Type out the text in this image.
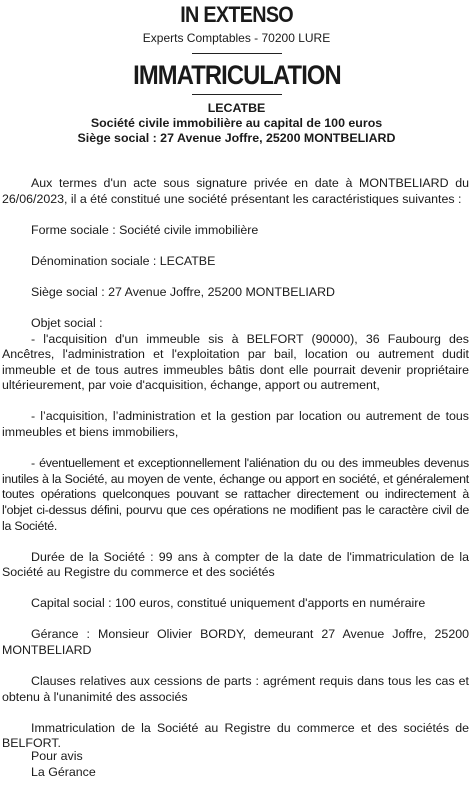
IN EXTENSO
Experts Comptables - 70200 LURE
IMMATRICULATION
LECATBE
Société civile immobilière au capital de 100 euros
Siège social : 27 Avenue Joffre, 25200 MONTBELIARD

Aux termes d'un acte sous signature privée en date à MONTBELIARD du 26/06/2023, il a été constitué une société présentant les caractéristiques suivantes :

Forme sociale : Société civile immobilière

Dénomination sociale : LECATBE

Siège social : 27 Avenue Joffre, 25200 MONTBELIARD

Objet social :

- l'acquisition d'un immeuble sis à BELFORT (90000), 36 Faubourg des Ancêtres, l'administration et l'exploitation par bail, location ou autrement dudit immeuble et de tous autres immeubles bâtis dont elle pourrait devenir propriétaire ultérieurement, par voie d'acquisition, échange, apport ou autrement,

- l’acquisition, l’administration et la gestion par location ou autrement de tous immeubles et biens immobiliers,

- éventuellement et exceptionnellement l'aliénation du ou des immeubles devenus inutiles à la Société, au moyen de vente, échange ou apport en société, et généralement toutes opérations quelconques pouvant se rattacher directement ou indirectement à l'objet ci-dessus défini, pourvu que ces opérations ne modifient pas le caractère civil de la Société.

Durée de la Société : 99 ans à compter de la date de l'immatriculation de la Société au Registre du commerce et des sociétés

Capital social : 100 euros, constitué uniquement d'apports en numéraire

Gérance : Monsieur Olivier BORDY, demeurant 27 Avenue Joffre, 25200 MONTBELIARD

Clauses relatives aux cessions de parts : agrément requis dans tous les cas et obtenu à l'unanimité des associés

Immatriculation de la Société au Registre du commerce et des sociétés de BELFORT.

Pour avis
La Gérance
